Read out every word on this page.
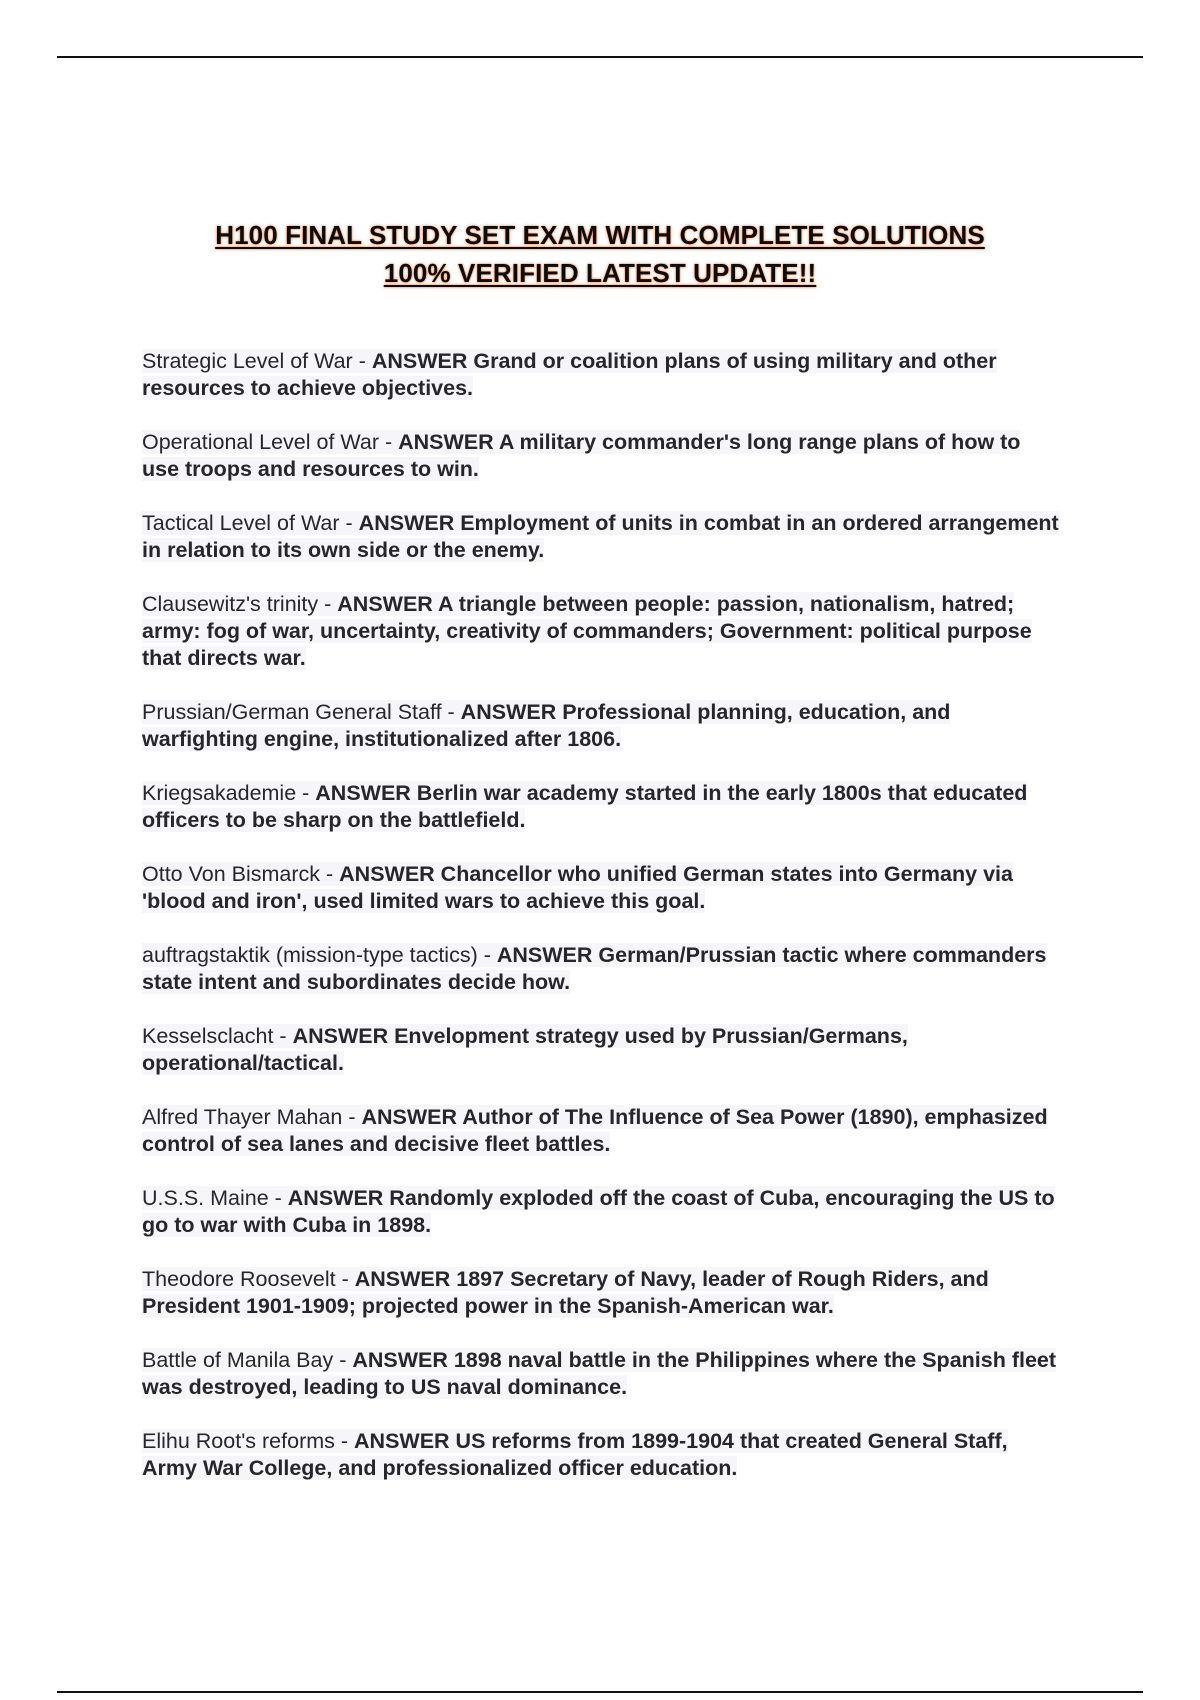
H100 FINAL STUDY SET EXAM WITH COMPLETE SOLUTIONS
100% VERIFIED LATEST UPDATE!!
Strategic Level of War - ANSWER Grand or coalition plans of using military and other resources to achieve objectives.
Operational Level of War - ANSWER A military commander's long range plans of how to use troops and resources to win.
Tactical Level of War - ANSWER Employment of units in combat in an ordered arrangement in relation to its own side or the enemy.
Clausewitz's trinity - ANSWER A triangle between people: passion, nationalism, hatred; army: fog of war, uncertainty, creativity of commanders; Government: political purpose that directs war.
Prussian/German General Staff - ANSWER Professional planning, education, and warfighting engine, institutionalized after 1806.
Kriegsakademie - ANSWER Berlin war academy started in the early 1800s that educated officers to be sharp on the battlefield.
Otto Von Bismarck - ANSWER Chancellor who unified German states into Germany via 'blood and iron', used limited wars to achieve this goal.
auftragstaktik (mission-type tactics) - ANSWER German/Prussian tactic where commanders state intent and subordinates decide how.
Kesselsclacht - ANSWER Envelopment strategy used by Prussian/Germans, operational/tactical.
Alfred Thayer Mahan - ANSWER Author of The Influence of Sea Power (1890), emphasized control of sea lanes and decisive fleet battles.
U.S.S. Maine - ANSWER Randomly exploded off the coast of Cuba, encouraging the US to go to war with Cuba in 1898.
Theodore Roosevelt - ANSWER 1897 Secretary of Navy, leader of Rough Riders, and President 1901-1909; projected power in the Spanish-American war.
Battle of Manila Bay - ANSWER 1898 naval battle in the Philippines where the Spanish fleet was destroyed, leading to US naval dominance.
Elihu Root's reforms - ANSWER US reforms from 1899-1904 that created General Staff, Army War College, and professionalized officer education.
